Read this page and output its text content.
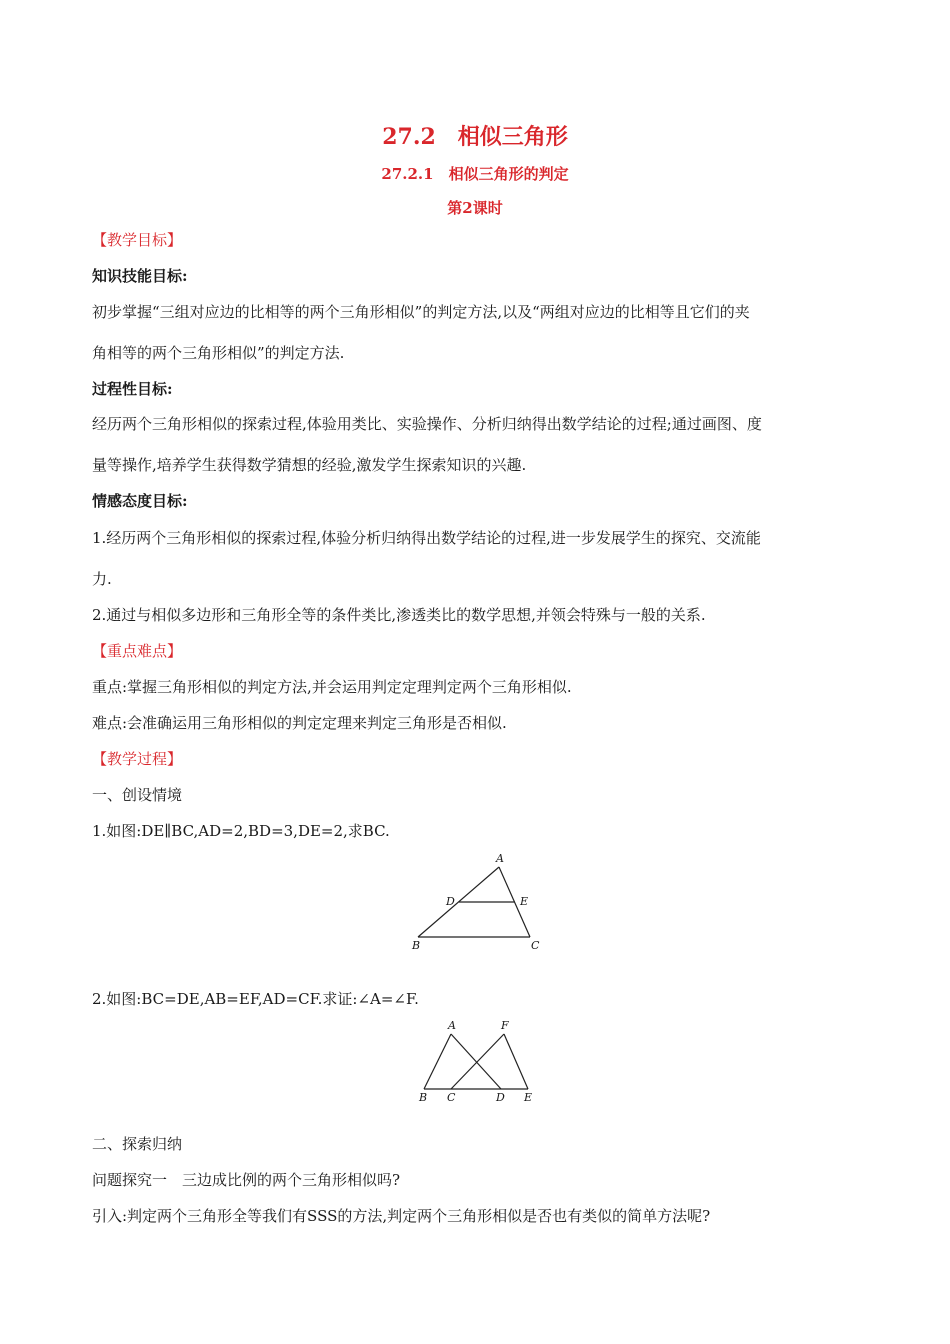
27.2　相似三角形
27.2.1　相似三角形的判定
第2课时
【教学目标】
知识技能目标:
初步掌握“三组对应边的比相等的两个三角形相似”的判定方法,以及“两组对应边的比相等且它们的夹
角相等的两个三角形相似”的判定方法.
过程性目标:
经历两个三角形相似的探索过程,体验用类比、实验操作、分析归纳得出数学结论的过程;通过画图、度
量等操作,培养学生获得数学猜想的经验,激发学生探索知识的兴趣.
情感态度目标:
1.经历两个三角形相似的探索过程,体验分析归纳得出数学结论的过程,进一步发展学生的探究、交流能
力.
2.通过与相似多边形和三角形全等的条件类比,渗透类比的数学思想,并领会特殊与一般的关系.
【重点难点】
重点:掌握三角形相似的判定方法,并会运用判定定理判定两个三角形相似.
难点:会准确运用三角形相似的判定定理来判定三角形是否相似.
【教学过程】
一、创设情境
1.如图:DE∥BC,AD=2,BD=3,DE=2,求BC.
A
B	C
D	E
2.如图:BC=DE,AB=EF,AD=CF.求证:∠A=∠F.
A	F
B C	D E
二、探索归纳
问题探究一　三边成比例的两个三角形相似吗?
引入:判定两个三角形全等我们有SSS的方法,判定两个三角形相似是否也有类似的简单方法呢?
